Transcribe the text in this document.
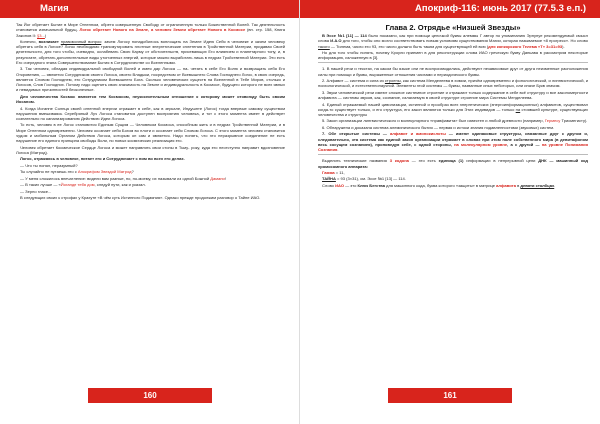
Магия

Так Йог обретает Бытие в Мире Огненном, обретя совершенную Свободу от ограниченную только Божественной Волей. Так деятельность становится изначальной будущ. Логос обретает Нового на Земле, а человек Земли обретает Нового в Космосе (вн. стр. 158, Книга Законов II: §3...)

Конечно, возникает правомочный вопрос: зачем Логосу понадобилось воплощать на Земле Идею Себя в человеке и зачем человеку обретать себя в Логосе? Логос необходимо трансмутировать плотные энергетические сплетения в Тройственной Материи, придавая Своей деятельности, для того чтобы, очевидно, ослабевать Свою Карму от обстоятельств, присевающих Его влиянием и планетарного тону, и, в результате, обретать дополнительные виды утонченных энергий, которые можно выработать лишь в недрах Тройственной Материи. Это есть Его очередного этапа Совершенствование Бытия в Сотрудничестве со Вселенными.

3. Так человек, обладая индивидуальной свободной Волей и имея дар Логоса — на- четать в себе Его Волю и возвращать себя Его Откровению, — является Сотрудником своего Логоса, своего Владыки, посредством от Всевышнего Слова Господнего Логос, в свою очередь, является Словом Господнем, его Сотрудником Всевышнего Бога. Сколько человеческих существ на Вселенной в Тебе Миров, столько и Логосов, Слов Господних. Потому надо оценить свою значимость на Земле и индивидуальность в Космосе, будущего которого не всех явных и невидимых причинностей бесконечные.

Для человечества Космос является тем Космосом, неукоснительным отношение к которому может отовсюду быть своим Иосаном.

4. Когда Иоганне Солнца своей огненной энергии отражает в себе, как в зеркале, Индушнте (Логос) тогда впервые самому существом нарушения вмешиваясь Серебряный Луч Логоса становится доступен восприятию человека, и тот с этого момента имеет в действует сознательно по канализированию Действию Идеи Логоса.

То есть, человек в ее Логос становится Единым Сущим — Человеком Космоса, способным жить и в недрах Тройственной Материи, и в Мире Огненном одновременно. Человек осознает себя Богом во плоти и осознает себя Словом Логоса. С этого момента человек становится чудом и мобильным Органом Действия Логоса, которым он сам и является. Надо понять, что это неразрывное соединение не есть нарушение его единого принципа свободы Воли, но новых космических реализация его.

Человек обретает Космическое Сердце Логоса и может направлять свои стопы в Тьму- року, куда его неотступно направит вдохновение Логоса (Матрод).

Логос, отражаясь в человеке, питает его и Сотрудничает с ним во всех его делах.

— Что ты понял, неразумный?

Ты случайно не путаешь это с Апокрифом Звездой Матрод?

— У меня сложилось впечатление: видели вам разные, но, по-моему, их называли из одной Божной Дамани!

— В таких лучше — «Йоганде тебя дом, следуй пути, как и указал.

— Зерно гласе...

В следующих своих к строфах у Крахуте «В чём суть Истинного Подаяния». Однако прежде продолжим разговор о Тайне ИАО.

160
Апокриф-116: июнь 2017 (77.5.3 е.п.)
Глава 2. Отрядье «Низшей Звезды»

В Эссе №1 [11] — 114 было показано, как при помощи цепочкой буквы алеммы Г автор по упоминанию Эрнунуе рекомендуемый смысл слова И.А.О для того, чтобы оно могло соответствовать новым условиям существования Магии, которая называемое «8 прогресс». Но слово такого — Тилема, число его 93, это число должно быть таким для существующей ей всю (для конкорского Телема «Т» 3=31=93).

Но для того чтобы понять, почему Кроули приемен в для реконструкции слова ИАО греческую букву Дапьава в рассмотрим некоторые информацию, изложенную в [3].

1. В нашей речи и текстах, на каком бы языке они не воспроизводились, действуют независимые друг от друга неизменные расположения силы при помощи и буквы, выраженные отношения числами и периодического буквы.

2. Алфавит — система и сила из строены, как система Менделеева в химии, причём одновременно и фонологической, и лингвистической, и психологической, и естественнонаучной. Элементы этой системы — буквы, названные иных неботорых, или иначе Букв значим.

3. Звуки человеческой речи имеют сложное системное строение и отражают только содержание в себе всё структуру и все закономерности алфавита — системы звуков, как, сознание, излагаемую в своей структуре строение мира Системы Менделеева.

4. Единый отражаемый нашей цивилизации, истинной и прообраз всех энергетических (энергоинформационных) алфавитов, существовал когда-то существует только, и его структура, его закон являются только для Этих индивидов — только на стоявшей культуре, существующих человечества и структуры

5. Закон организации лингвистического и молекулярного «правфавита» был известен и любой древности (например, Гермесу Трисмегисту).

6. Обнаружена и доказана система алеминического бытия — первая и истоки знания подавленностями (звуковых) систем.

7. Обе открытые системы — алфавит и аминокислоты — имеют одинаковые структуры, связанные друг с другом и, следовательно, эта система как единой закон организации отражает в словах при этом поле собственного мира (в девитафоном весь сосущем сознаниея), проповедуя себе, с одной стороны, на молекулярном уровне, а с другой — на уровне Понимания Сознания.

Выделить технические названия 3 кодона — это есть единица (1) информации в непрерывной цепи ДНК — машинный код хромосомного аппарата:

Гамма = 11,

ТАЙНА = 93 (3×31), см. Эссе №1 [13] — 114.

Слово ИАО — это Ключ Бегства для машинного кода, буква которого «защиты» в матрице алфавита в девяти столбцах.

161
